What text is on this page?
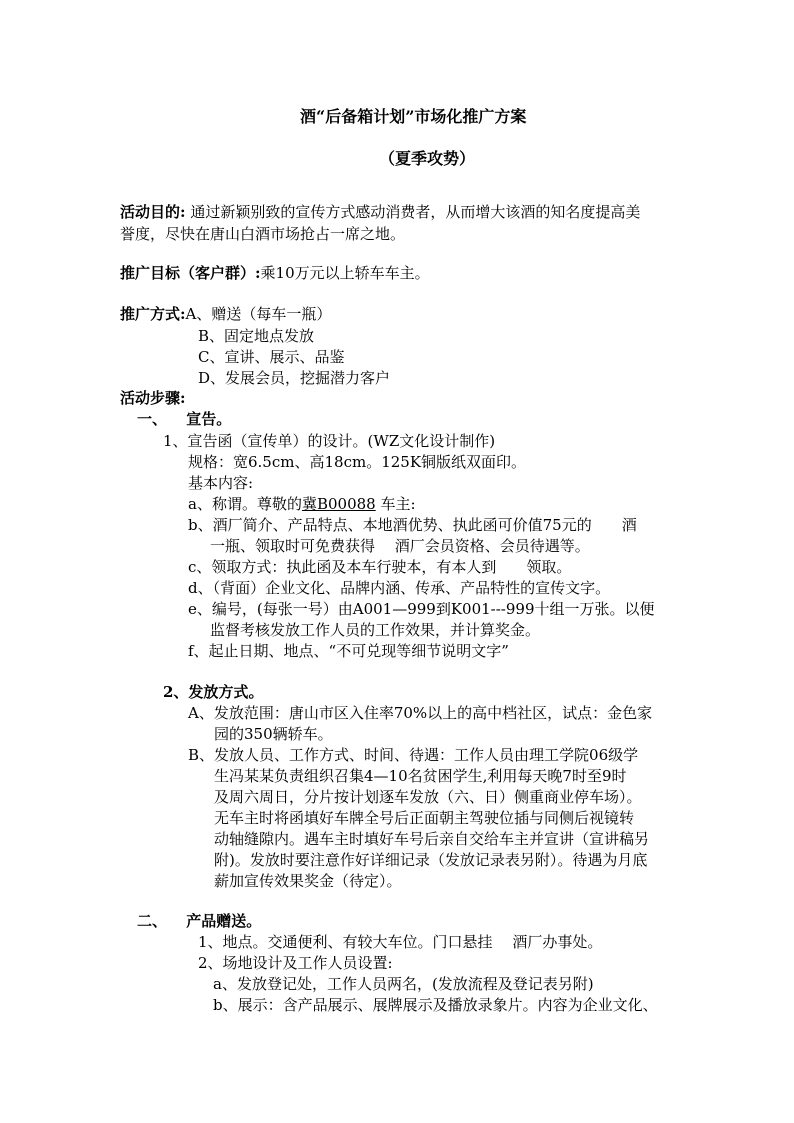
酒“后备箱计划”市场化推广方案
（夏季攻势）
活动目的: 通过新颖别致的宣传方式感动消费者，从而增大该酒的知名度提高美
誉度，尽快在唐山白酒市场抢占一席之地。
推广目标（客户群）:乘10万元以上轿车车主。
推广方式:A、赠送（每车一瓶）
B、固定地点发放
C、宣讲、展示、品鉴
D、发展会员，挖掘潜力客户
活动步骤:
一、 宣告。
1、宣告函（宣传单）的设计。(WZ文化设计制作)
规格：宽6.5cm、高18cm。125K铜版纸双面印。
基本内容:
a、称谓。尊敬的冀B00088 车主:
b、酒厂简介、产品特点、本地酒优势、执此函可价值75元的　　酒
一瓶、领取时可免费获得　 酒厂会员资格、会员待遇等。
c、领取方式：执此函及本车行驶本，有本人到　　领取。
d、（背面）企业文化、品牌内涵、传承、产品特性的宣传文字。
e、编号，(每张一号）由A001—999到K001---999十组一万张。以便
监督考核发放工作人员的工作效果，并计算奖金。
f、起止日期、地点、“不可兑现等细节说明文字”
2、发放方式。
A、发放范围：唐山市区入住率70%以上的高中档社区，试点：金色家
园的350辆轿车。
B、发放人员、工作方式、时间、待遇：工作人员由理工学院06级学
生冯某某负责组织召集4—10名贫困学生,利用每天晚7时至9时
及周六周日，分片按计划逐车发放（六、日）侧重商业停车场）。
无车主时将函填好车牌全号后正面朝主驾驶位插与同侧后视镜转
动轴缝隙内。遇车主时填好车号后亲自交给车主并宣讲（宣讲稿另
附)。发放时要注意作好详细记录（发放记录表另附）。待遇为月底
薪加宣传效果奖金（待定）。
二、 产品赠送。
1、地点。交通便利、有较大车位。门口悬挂　 酒厂办事处。
2、场地设计及工作人员设置:
a、发放登记处，工作人员两名，(发放流程及登记表另附)
b、展示：含产品展示、展牌展示及播放录象片。内容为企业文化、
